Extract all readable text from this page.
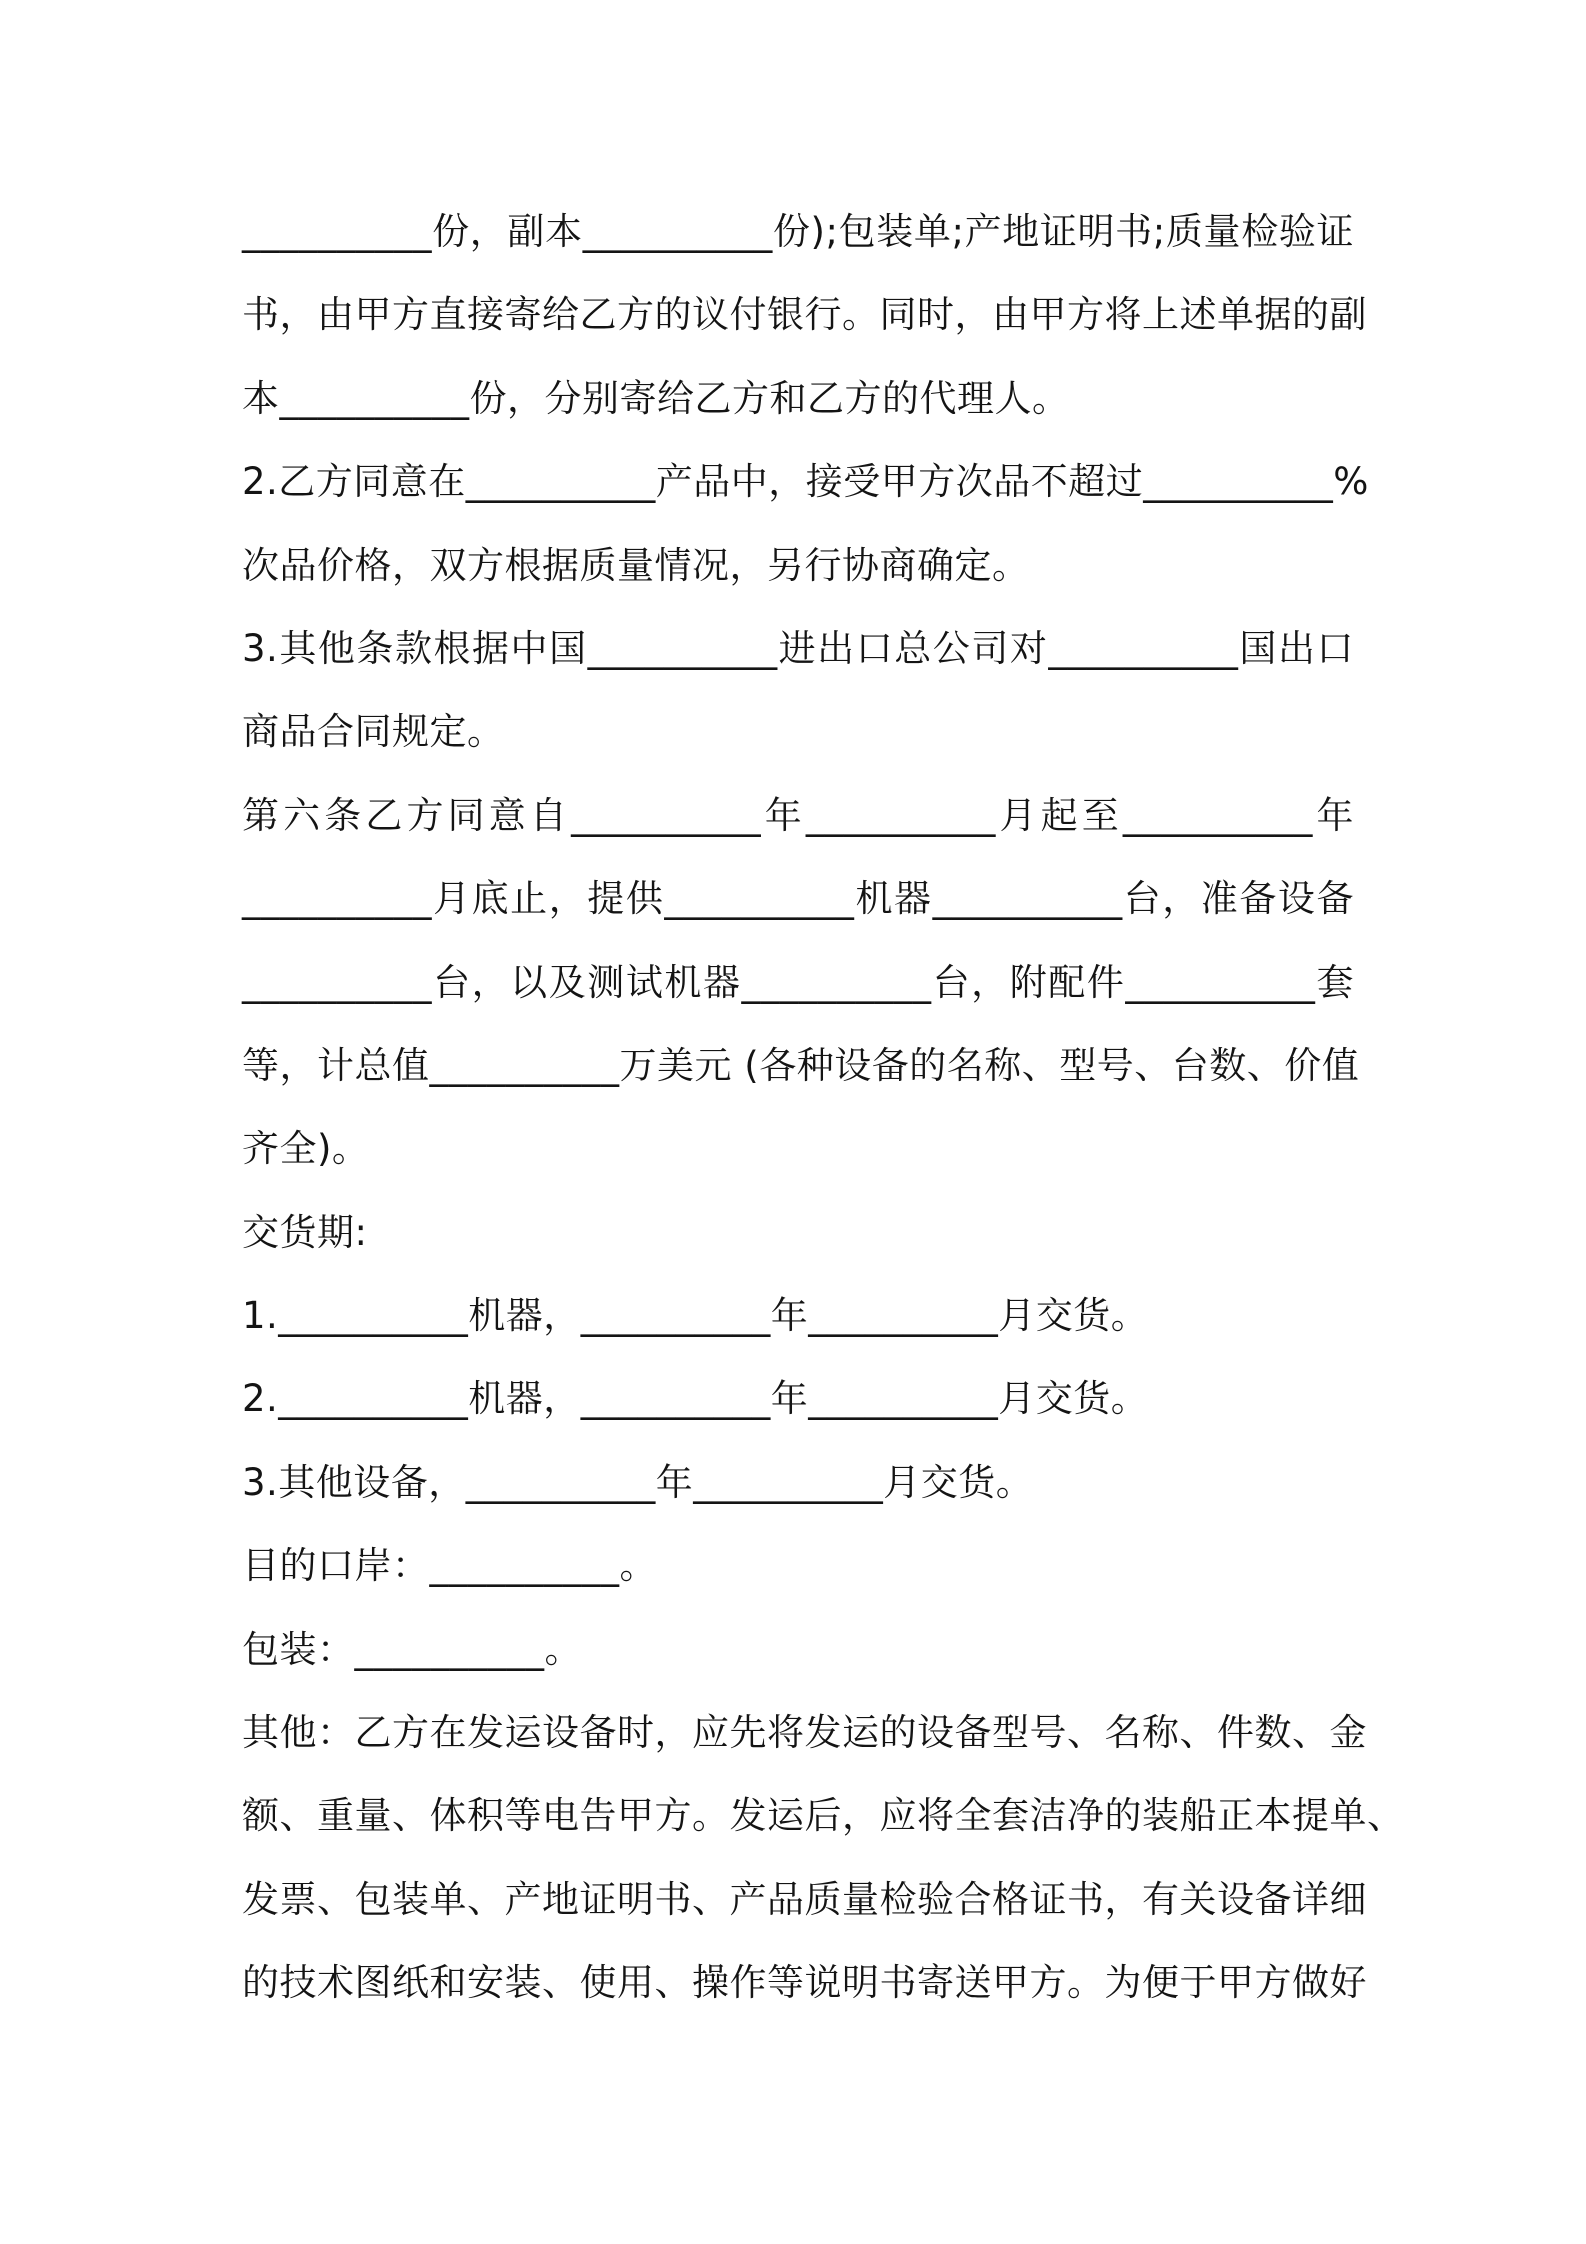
__________份，副本__________份);包装单;产地证明书;质量检验证
书，由甲方直接寄给乙方的议付银行。同时，由甲方将上述单据的副
本__________份，分别寄给乙方和乙方的代理人。
2.乙方同意在__________产品中，接受甲方次品不超过__________%
次品价格，双方根据质量情况，另行协商确定。
3.其他条款根据中国__________进出口总公司对__________国出口
商品合同规定。
第六条乙方同意自__________年__________月起至__________年
__________月底止，提供__________机器__________台，准备设备
__________台，以及测试机器__________台，附配件__________套
等，计总值__________万美元 (各种设备的名称、型号、台数、价值
齐全)。
交货期:
1.__________机器，__________年__________月交货。
2.__________机器，__________年__________月交货。
3.其他设备，__________年__________月交货。
目的口岸：__________。
包装：__________。
其他：乙方在发运设备时，应先将发运的设备型号、名称、件数、金
额、重量、体积等电告甲方。发运后，应将全套洁净的装船正本提单、
发票、包装单、产地证明书、产品质量检验合格证书，有关设备详细
的技术图纸和安装、使用、操作等说明书寄送甲方。为便于甲方做好
